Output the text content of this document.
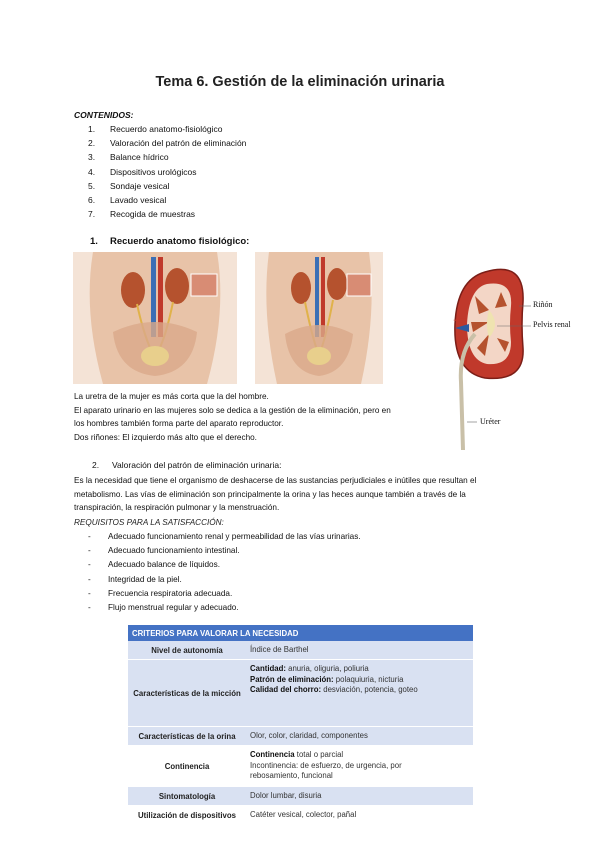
Tema 6. Gestión de la eliminación urinaria
CONTENIDOS:
1. Recuerdo anatomo-fisiológico
2. Valoración del patrón de eliminación
3. Balance hídrico
4. Dispositivos urológicos
5. Sondaje vesical
6. Lavado vesical
7. Recogida de muestras
1. Recuerdo anatomo fisiológico:
Riñón
Pelvis renal
Uréter
La uretra de la mujer es más corta que la del hombre.
El aparato urinario en las mujeres solo se dedica a la gestión de la eliminación, pero en
los hombres también forma parte del aparato reproductor.
Dos riñones: El izquierdo más alto que el derecho.
2. Valoración del patrón de eliminación urinaria:
Es la necesidad que tiene el organismo de deshacerse de las sustancias perjudiciales e inútiles que resultan el
metabolismo. Las vías de eliminación son principalmente la orina y las heces aunque también a través de la
transpiración, la respiración pulmonar y la menstruación.
REQUISITOS PARA LA SATISFACCIÓN:
- Adecuado funcionamiento renal y permeabilidad de las vías urinarias.
- Adecuado funcionamiento intestinal.
- Adecuado balance de líquidos.
- Integridad de la piel.
- Frecuencia respiratoria adecuada.
- Flujo menstrual regular y adecuado.
CRITERIOS PARA VALORAR LA NECESIDAD	
Nivel de autonomía	Índice de Barthel
Características de la micción	Cantidad: anuria, oliguria, poliuria
Patrón de eliminación: polaquiuria, nicturia
Calidad del chorro: desviación, potencia, goteo

Características de la orina	Olor, color, claridad, componentes
Continencia	Continencia total o parcial
Incontinencia: de esfuerzo, de urgencia, por
rebosamiento, funcional

Sintomatología	Dolor lumbar, disuria
Utilización de dispositivos	Catéter vesical, colector, pañal
